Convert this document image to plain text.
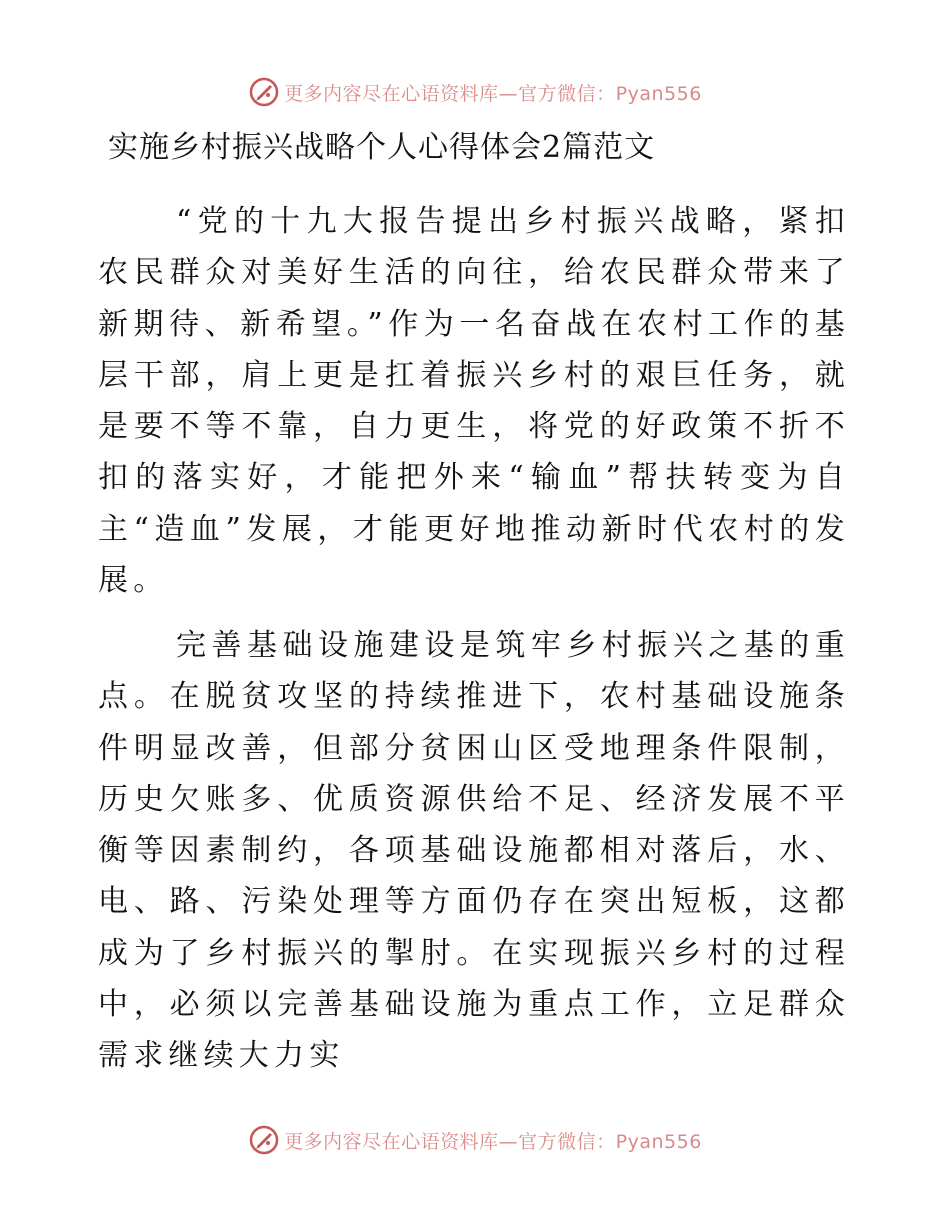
更多内容尽在心语资料库—官方微信：Pyan556
实施乡村振兴战略个人心得体会2篇范文

“党的十九大报告提出乡村振兴战略，紧扣农民群众对美好生活的向往，给农民群众带来了新期待、新希望。”作为一名奋战在农村工作的基层干部，肩上更是扛着振兴乡村的艰巨任务，就是要不等不靠，自力更生，将党的好政策不折不扣的落实好，才能把外来“输血”帮扶转变为自主“造血”发展，才能更好地推动新时代农村的发展。

完善基础设施建设是筑牢乡村振兴之基的重点。在脱贫攻坚的持续推进下，农村基础设施条件明显改善，但部分贫困山区受地理条件限制，历史欠账多、优质资源供给不足、经济发展不平衡等因素制约，各项基础设施都相对落后，水、电、路、污染处理等方面仍存在突出短板，这都成为了乡村振兴的掣肘。在实现振兴乡村的过程中，必须以完善基础设施为重点工作，立足群众需求继续大力实

更多内容尽在心语资料库—官方微信：Pyan556
